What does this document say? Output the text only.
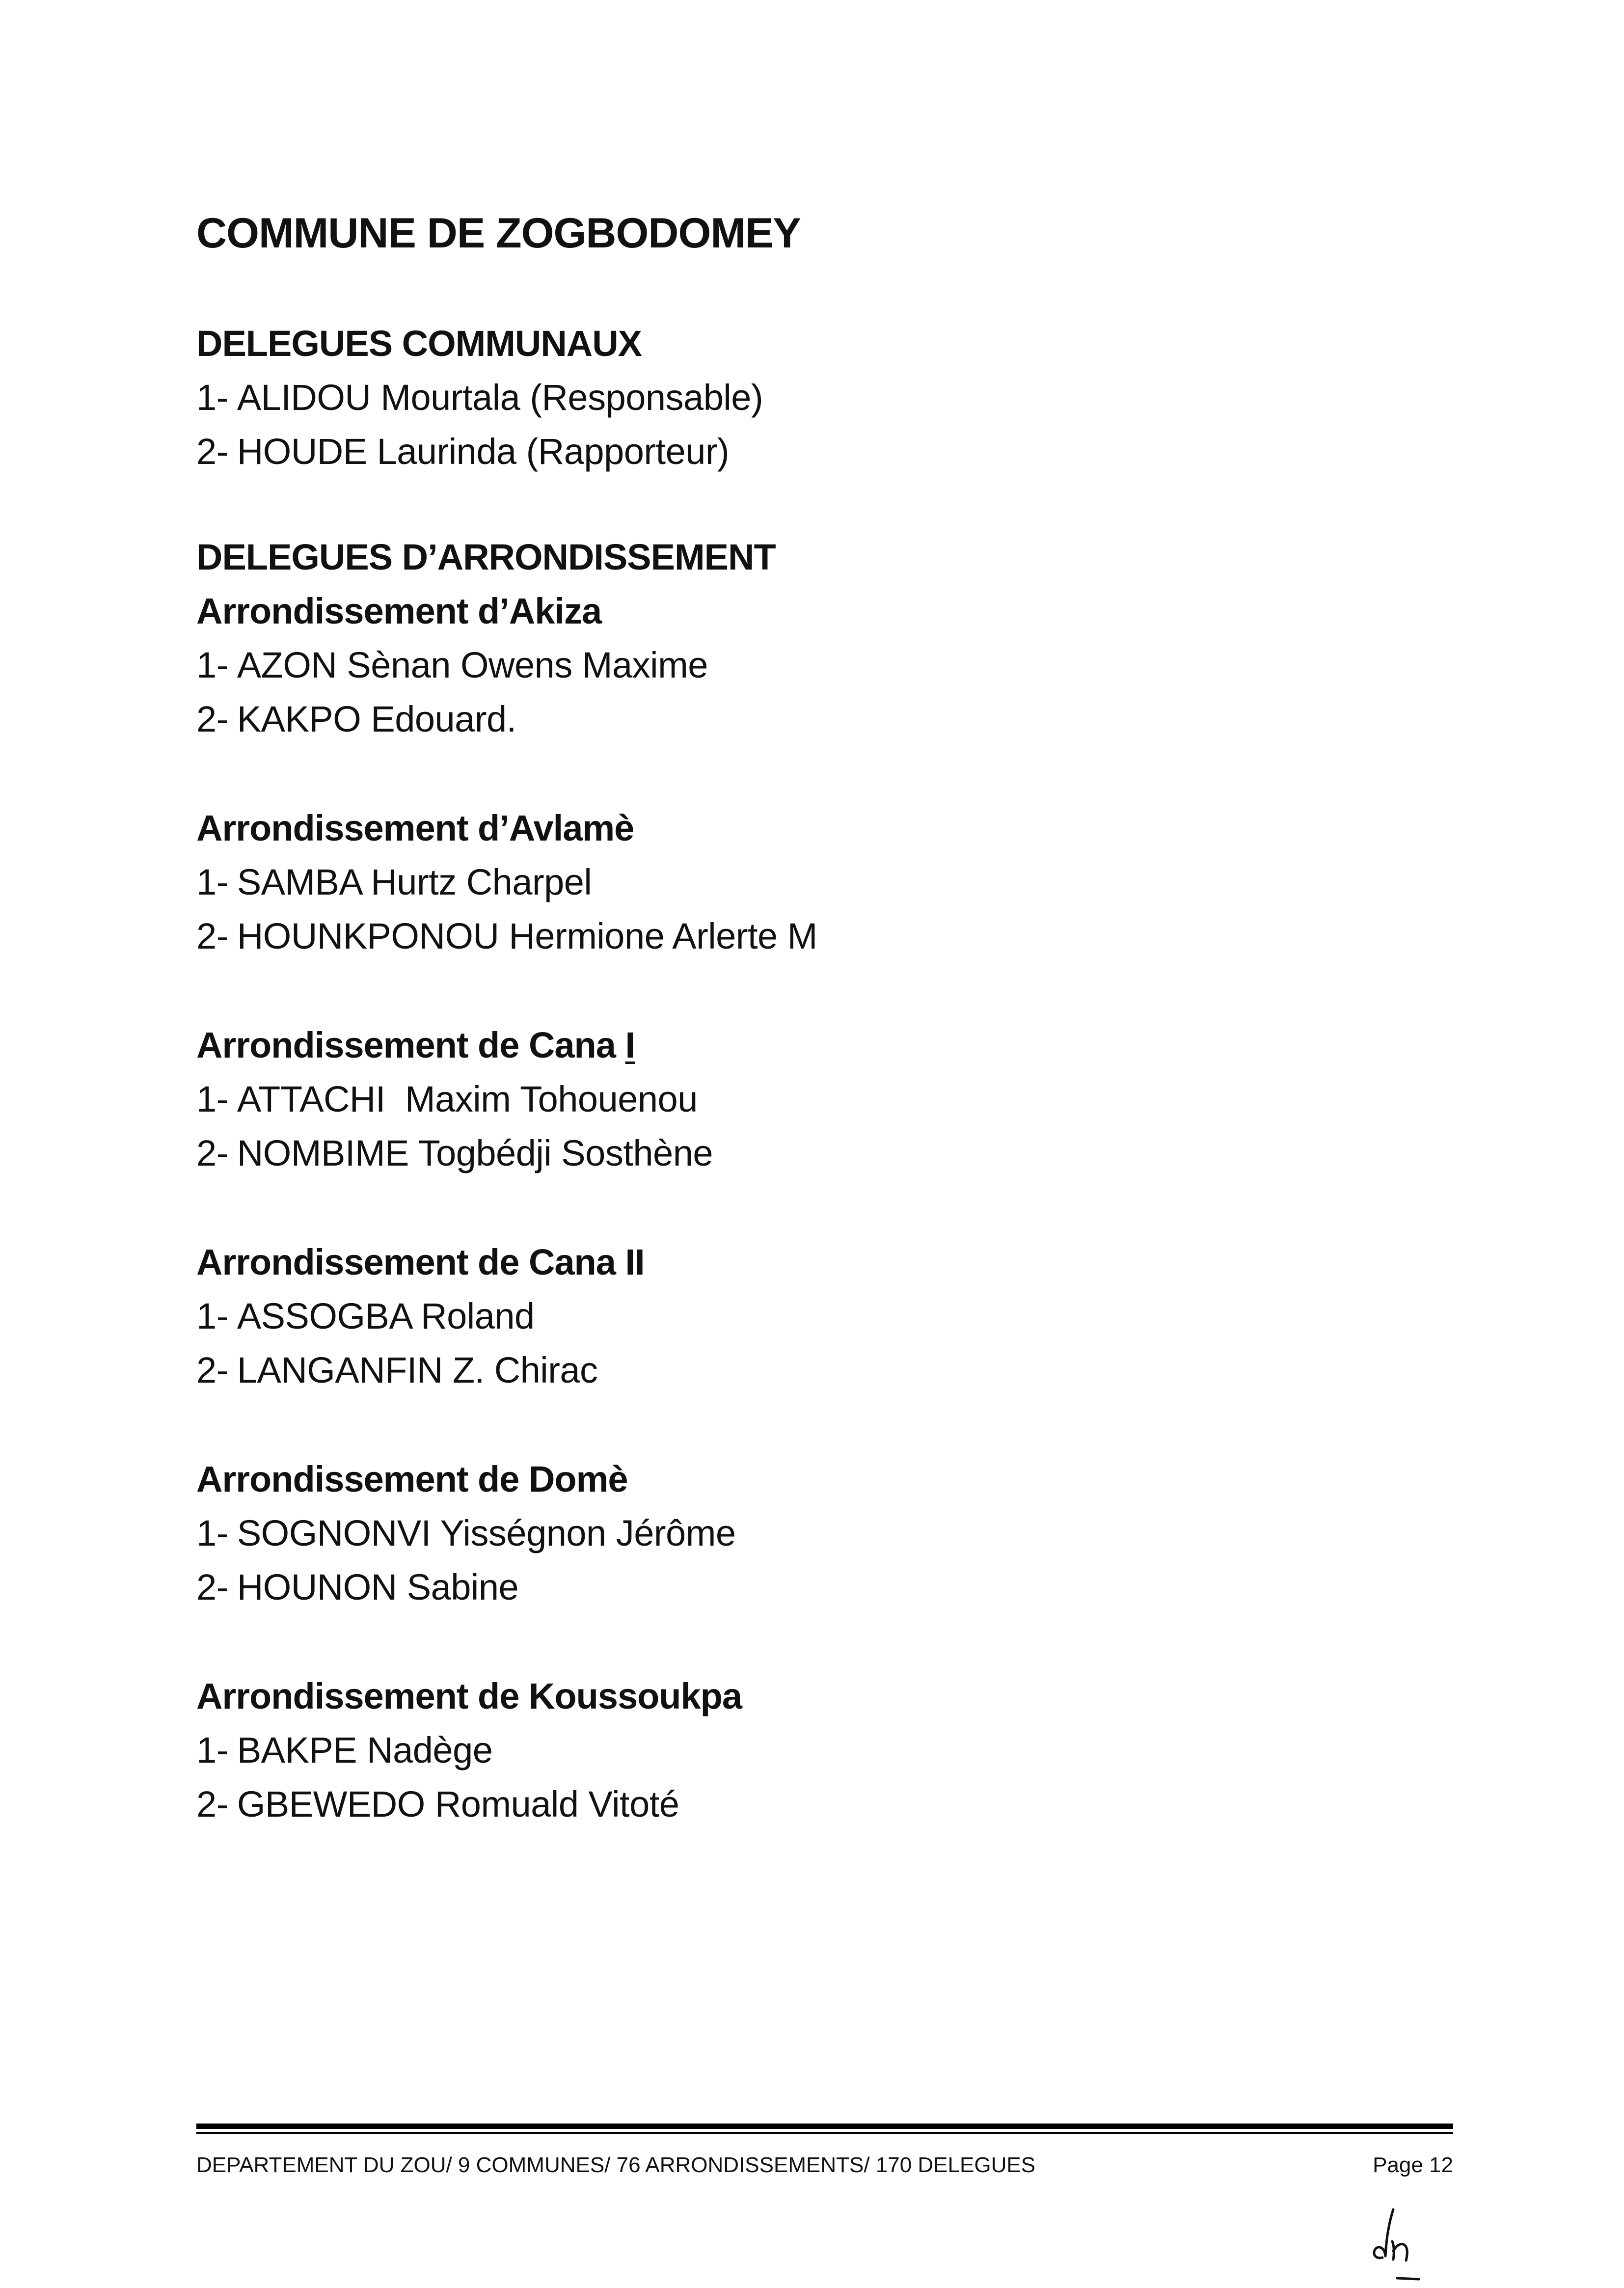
COMMUNE DE ZOGBODOMEY
DELEGUES COMMUNAUX
1- ALIDOU Mourtala (Responsable)
2- HOUDE Laurinda (Rapporteur)
DELEGUES D’ARRONDISSEMENT
Arrondissement d’Akiza
1- AZON Sènan Owens Maxime
2- KAKPO Edouard.
Arrondissement d’Avlamè
1- SAMBA Hurtz Charpel
2- HOUNKPONOU Hermione Arlerte M
Arrondissement de Cana I
1- ATTACHI  Maxim Tohouenou
2- NOMBIME Togbédji Sosthène
Arrondissement de Cana II
1- ASSOGBA Roland
2- LANGANFIN Z. Chirac
Arrondissement de Domè
1- SOGNONVI Yisségnon Jérôme
2- HOUNON Sabine
Arrondissement de Koussoukpa
1- BAKPE Nadège
2- GBEWEDO Romuald Vitoté
DEPARTEMENT DU ZOU/ 9 COMMUNES/ 76 ARRONDISSEMENTS/ 170 DELEGUES	Page 12
